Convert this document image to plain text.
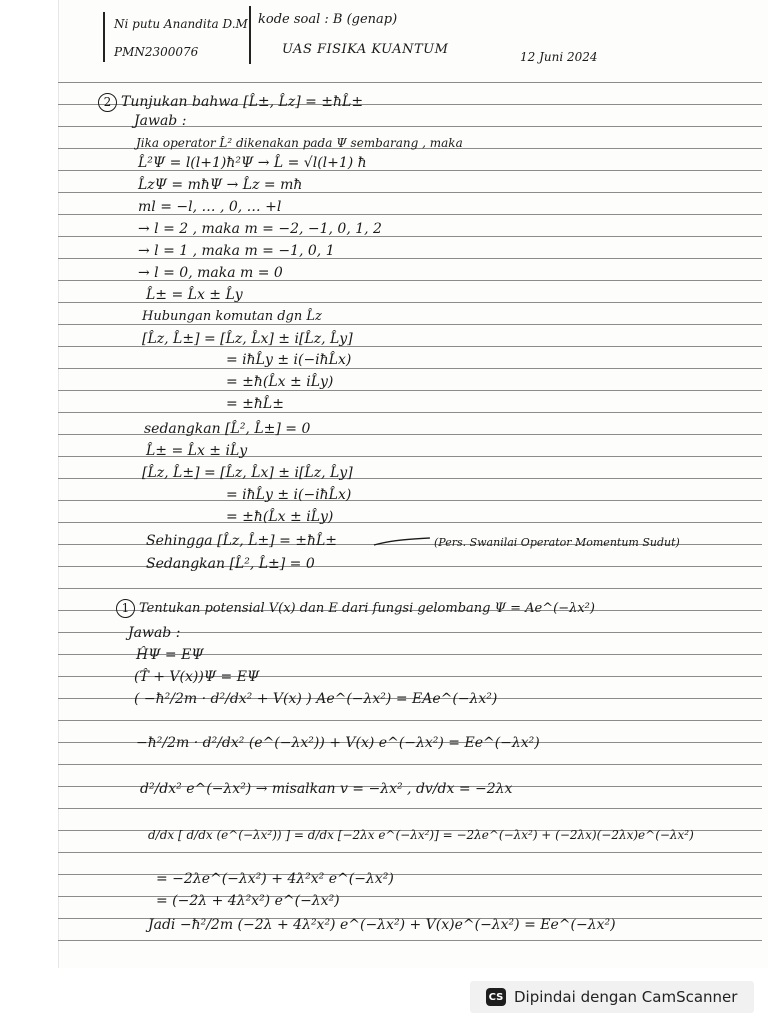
Ni putu Anandita D.M
PMN2300076
kode soal : B (genap)
UAS FISIKA KUANTUM	12 Juni 2024
2 Tunjukan bahwa [L̂±, L̂z] = ±ħL̂±
Jawab :
Jika operator L̂² dikenakan pada Ψ sembarang , maka
L̂²Ψ = l(l+1)ħ²Ψ → L̂ = √l(l+1) ħ
L̂zΨ = mħΨ → L̂z = mħ
ml = −l, … , 0, … +l
→ l = 2 , maka m = −2, −1, 0, 1, 2
→ l = 1 , maka m = −1, 0, 1
→ l = 0, maka m = 0
L̂± = L̂x ± L̂y
Hubungan komutan dgn L̂z
[L̂z, L̂±] = [L̂z, L̂x] ± i[L̂z, L̂y]
= iħL̂y ± i(−iħL̂x)
= ±ħ(L̂x ± iL̂y)
= ±ħL̂±
sedangkan [L̂², L̂±] = 0
L̂± = L̂x ± iL̂y
[L̂z, L̂±] = [L̂z, L̂x] ± i[L̂z, L̂y]
= iħL̂y ± i(−iħL̂x)
= ±ħ(L̂x ± iL̂y)
Sehingga [L̂z, L̂±] = ±ħL̂±	(Pers. Swanilai Operator Momentum Sudut)
Sedangkan [L̂², L̂±] = 0
1 Tentukan potensial V(x) dan E dari fungsi gelombang Ψ = Ae^(−λx²)
Jawab :
ĤΨ = EΨ
(T̂ + V(x))Ψ = EΨ
( −ħ²/2m · d²/dx² + V(x) ) Ae^(−λx²) = EAe^(−λx²)
−ħ²/2m · d²/dx² (e^(−λx²)) + V(x) e^(−λx²) = Ee^(−λx²)
d²/dx² e^(−λx²) → misalkan v = −λx² , dv/dx = −2λx
d/dx [ d/dx (e^(−λx²)) ] = d/dx [−2λx e^(−λx²)] = −2λe^(−λx²) + (−2λx)(−2λx)e^(−λx²)
= −2λe^(−λx²) + 4λ²x² e^(−λx²)
= (−2λ + 4λ²x²) e^(−λx²)
Jadi −ħ²/2m (−2λ + 4λ²x²) e^(−λx²) + V(x)e^(−λx²) = Ee^(−λx²)
CS Dipindai dengan CamScanner
